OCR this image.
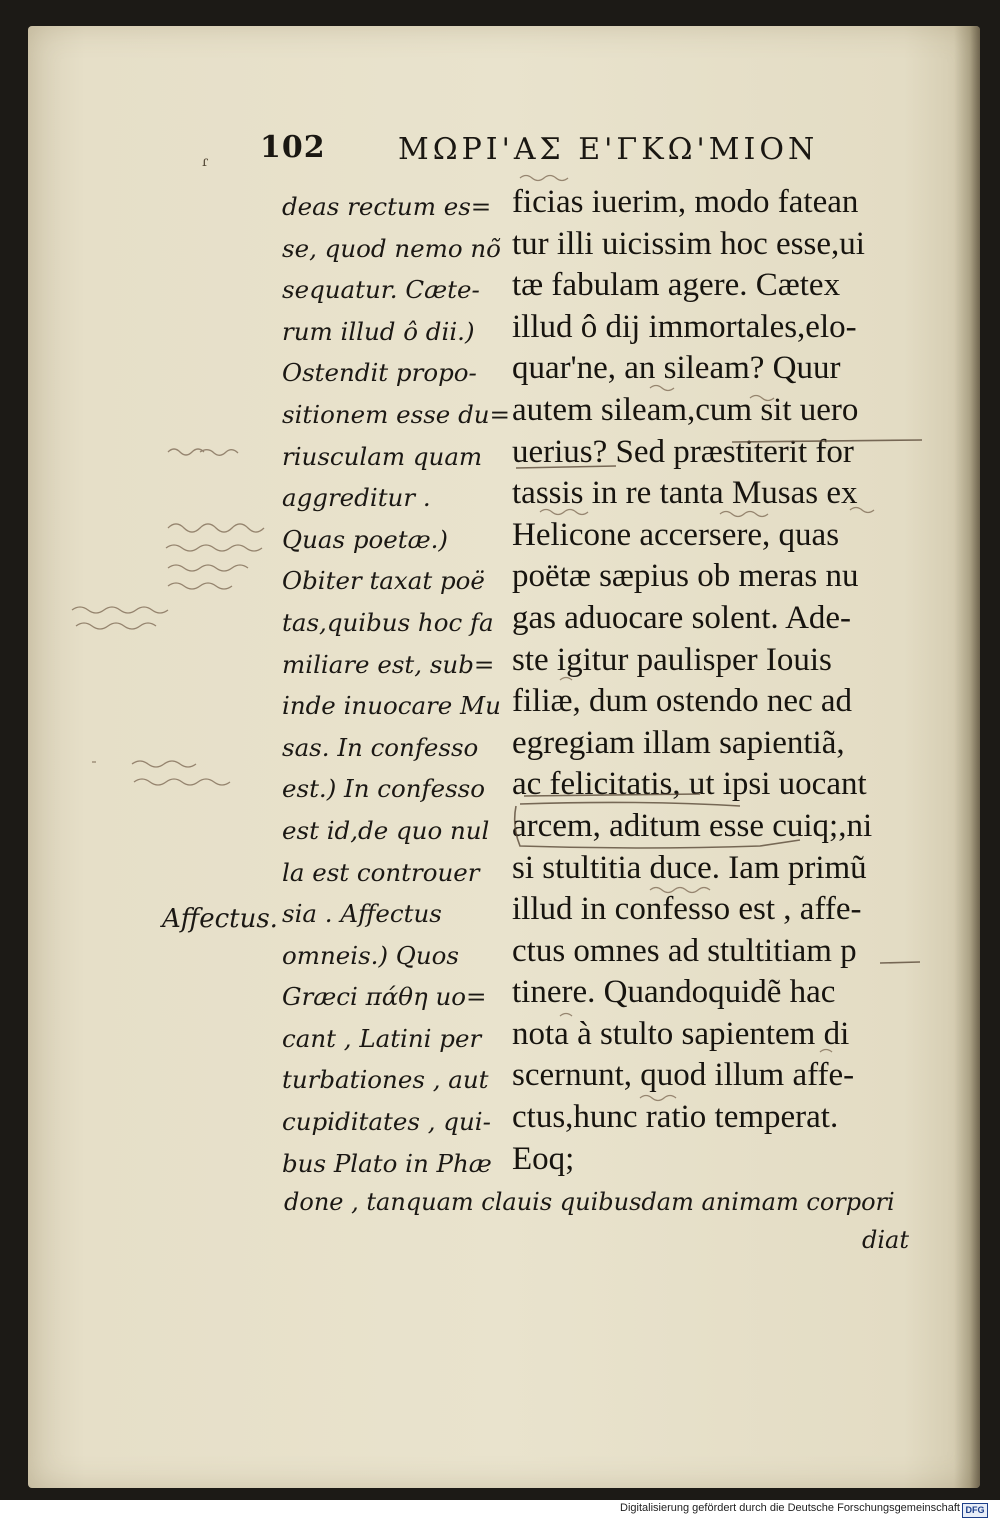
ɾ 102 ΜΩΡΙ'ΑΣ Ε'ΓΚΩ'ΜΙΟΝ
deas rectum es=
se, quod nemo nõ
sequatur. Cæte-
rum illud ô dii.)
Ostendit propo-
sitionem esse du=
riusculam quam
aggreditur .
Quas poetæ.)
Obiter taxat poë
tas,quibus hoc fa
miliare est, sub=
inde inuocare Mu
sas. In confesso
est.) In confesso
est id,de quo nul
la est controuer
sia . Affectus
omneis.) Quos
Græci πάθη uo=
cant , Latini per
turbationes , aut
cupiditates , qui-
bus Plato in Phæ
ficias iuerim, modo fatean
tur illi uicissim hoc esse,ui
tæ fabulam agere. Cætex
illud ô dij immortales,elo-
quar'ne, an sileam? Quur
autem sileam,cum sit uero
uerius? Sed præstiterit for
tassis in re tanta Musas ex
Helicone accersere, quas
poëtæ sæpius ob meras nu
gas aduocare solent. Ade-
ste igitur paulisper Iouis
filiæ, dum ostendo nec ad
egregiam illam sapientiã,
ac felicitatis, ut ipsi uocant
arcem, aditum esse cuiq;,ni
si stultitia duce. Iam primũ
illud in confesso est , affe-
ctus omnes ad stultitiam p
tinere. Quandoquidẽ hac
nota à stulto sapientem di
scernunt, quod illum affe-
ctus,hunc ratio temperat.
Eoq;
Affectus.
done , tanquam clauis quibusdam animam corpori
diat
Digitalisierung gefördert durch die Deutsche Forschungsgemeinschaft DFG
